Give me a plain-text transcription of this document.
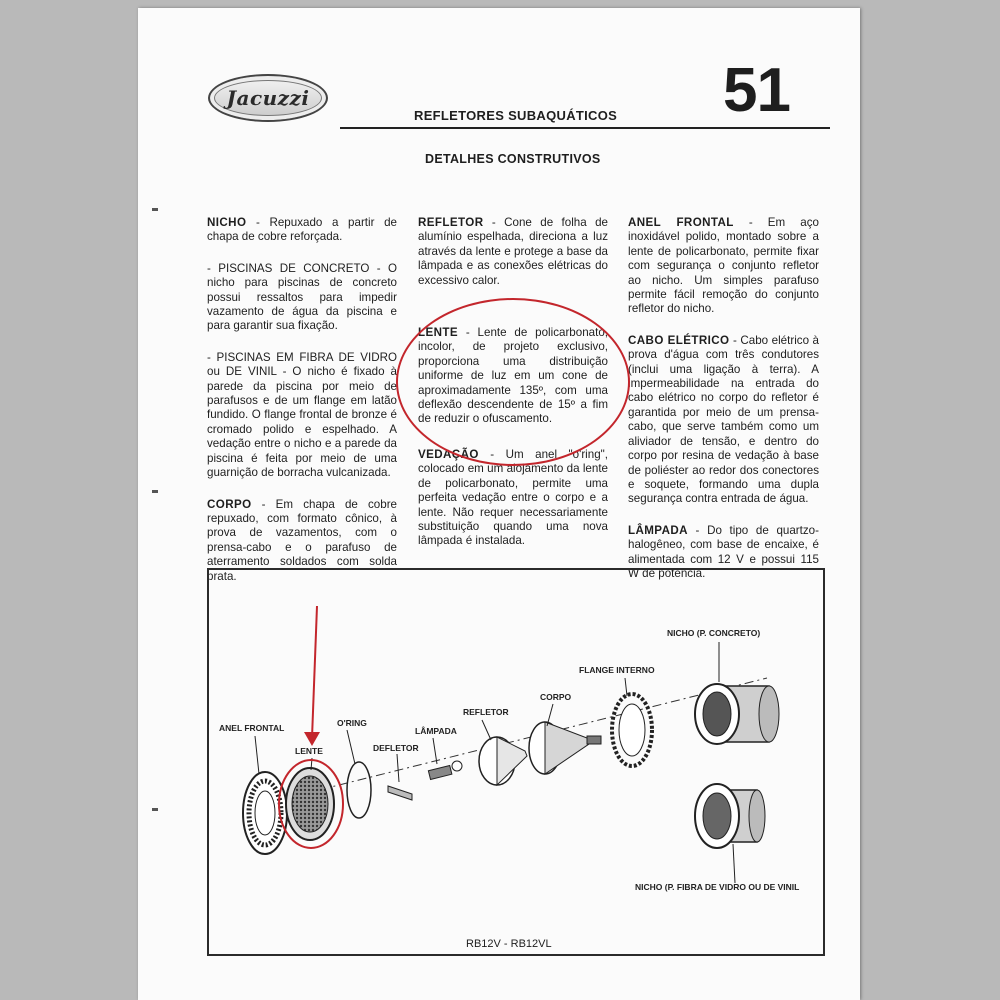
Jacuzzi
REFLETORES SUBAQUÁTICOS 51
DETALHES CONSTRUTIVOS

NICHO - Repuxado a partir de chapa de cobre reforçada.

- PISCINAS DE CONCRETO - O nicho para piscinas de concreto possui ressaltos para impedir vazamento de água da piscina e para garantir sua fixação.

- PISCINAS EM FIBRA DE VIDRO ou DE VINIL - O nicho é fixado à parede da piscina por meio de parafusos e de um flange em latão fundido. O flange frontal de bronze é cromado polido e espelhado. A vedação entre o nicho e a parede da piscina é feita por meio de uma guarnição de borracha vulcanizada.

CORPO - Em chapa de cobre repuxado, com formato cônico, à prova de vazamentos, com o prensa-cabo e o parafuso de aterramento soldados com solda prata.

REFLETOR - Cone de folha de alumínio espelhada, direciona a luz através da lente e protege a base da lâmpada e as conexões elétricas do excessivo calor.

LENTE - Lente de policarbonato, incolor, de projeto exclusivo, proporciona uma distribuição uniforme de luz em um cone de aproximadamente 135º, com uma deflexão descendente de 15º a fim de reduzir o ofuscamento.

VEDAÇÃO - Um anel "o'ring", colocado em um alojamento da lente de policarbonato, permite uma perfeita vedação entre o corpo e a lente. Não requer necessariamente substituição quando uma nova lâmpada é instalada.

ANEL FRONTAL - Em aço inoxidável polido, montado sobre a lente de policarbonato, permite fixar com segurança o conjunto refletor ao nicho. Um simples parafuso permite fácil remoção do conjunto refletor do nicho.

CABO ELÉTRICO - Cabo elétrico à prova d'água com três condutores (inclui uma ligação à terra). A impermeabilidade na entrada do cabo elétrico no corpo do refletor é garantida por meio de um prensa-cabo, que serve também como um aliviador de tensão, e dentro do corpo por resina de vedação à base de poliéster ao redor dos conectores e soquete, formando uma dupla segurança contra entrada de água.

LÂMPADA - Do tipo de quartzo-halogêneo, com base de encaixe, é alimentada com 12 V e possui 115 W de potência.

ANEL FRONTAL
LENTE
O'RING
DEFLETOR
LÂMPADA
REFLETOR
CORPO
FLANGE INTERNO
NICHO (P. CONCRETO)
NICHO (P. FIBRA DE VIDRO OU DE VINIL
RB12V - RB12VL
